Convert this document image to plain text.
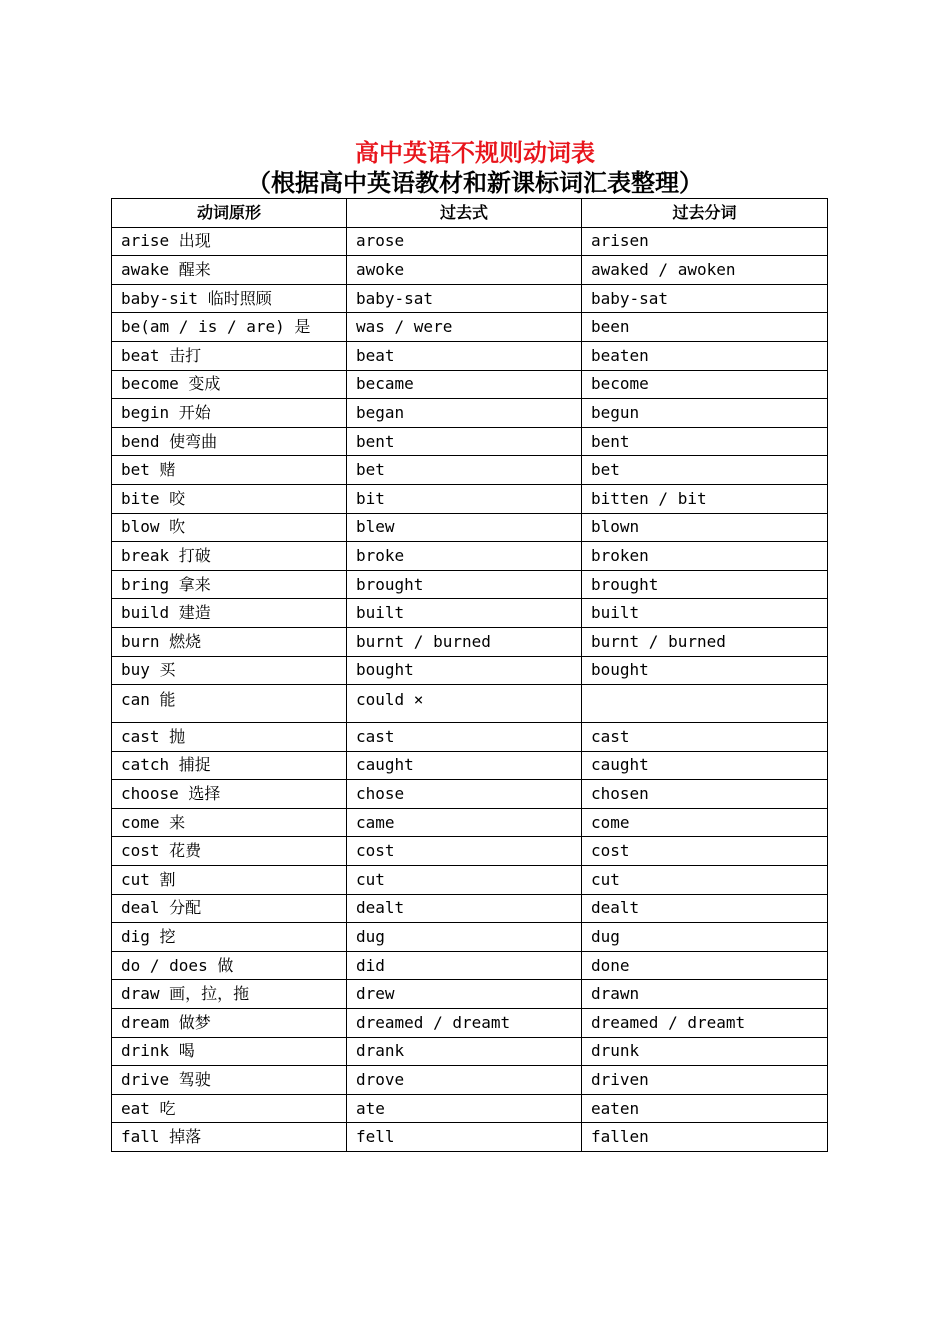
高中英语不规则动词表
（根据高中英语教材和新课标词汇表整理）
动词原形	过去式	过去分词
arise 出现	arose	arisen
awake 醒来	awoke	awaked / awoken
baby-sit 临时照顾	baby-sat	baby-sat
be(am / is / are) 是	was / were	been
beat 击打	beat	beaten
become 变成	became	become
begin 开始	began	begun
bend 使弯曲	bent	bent
bet 赌	bet	bet
bite 咬	bit	bitten / bit
blow 吹	blew	blown
break 打破	broke	broken
bring 拿来	brought	brought
build 建造	built	built
burn 燃烧	burnt / burned	burnt / burned
buy 买	bought	bought
can 能	could ×	
cast 抛	cast	cast
catch 捕捉	caught	caught
choose 选择	chose	chosen
come 来	came	come
cost 花费	cost	cost
cut 割	cut	cut
deal 分配	dealt	dealt
dig 挖	dug	dug
do / does 做	did	done
draw 画，拉，拖	drew	drawn
dream 做梦	dreamed / dreamt	dreamed / dreamt
drink 喝	drank	drunk
drive 驾驶	drove	driven
eat 吃	ate	eaten
fall 掉落	fell	fallen
